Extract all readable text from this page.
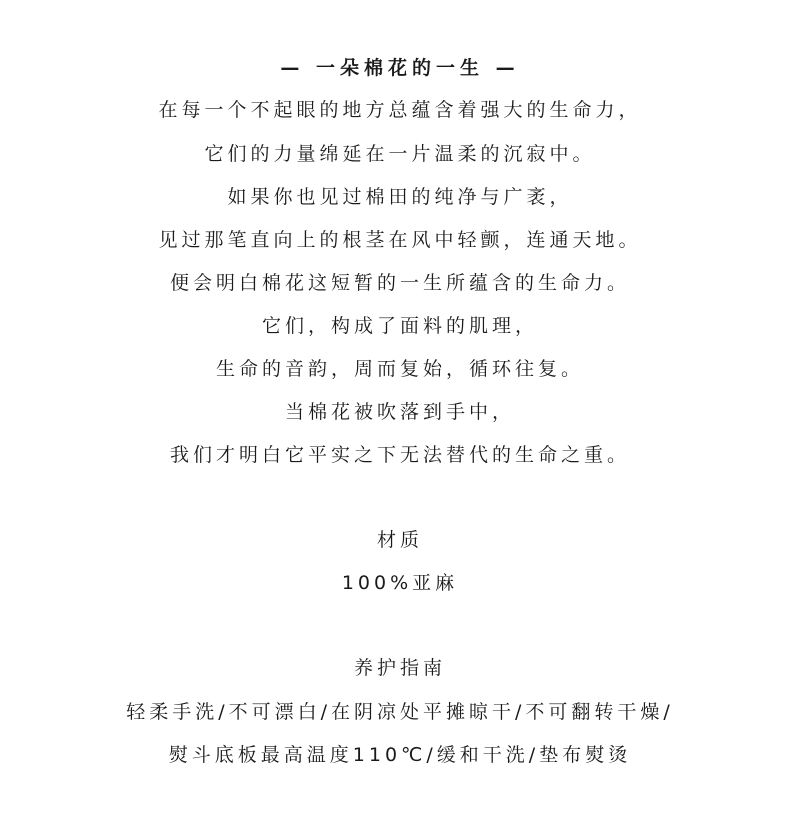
— 一朵棉花的一生 —
在每一个不起眼的地方总蕴含着强大的生命力，
它们的力量绵延在一片温柔的沉寂中。
如果你也见过棉田的纯净与广袤，
见过那笔直向上的根茎在风中轻颤，连通天地。
便会明白棉花这短暂的一生所蕴含的生命力。
它们，构成了面料的肌理，
生命的音韵，周而复始，循环往复。
当棉花被吹落到手中，
我们才明白它平实之下无法替代的生命之重。
材质
100%亚麻
养护指南
轻柔手洗/不可漂白/在阴凉处平摊晾干/不可翻转干燥/
熨斗底板最高温度110℃/缓和干洗/垫布熨烫
